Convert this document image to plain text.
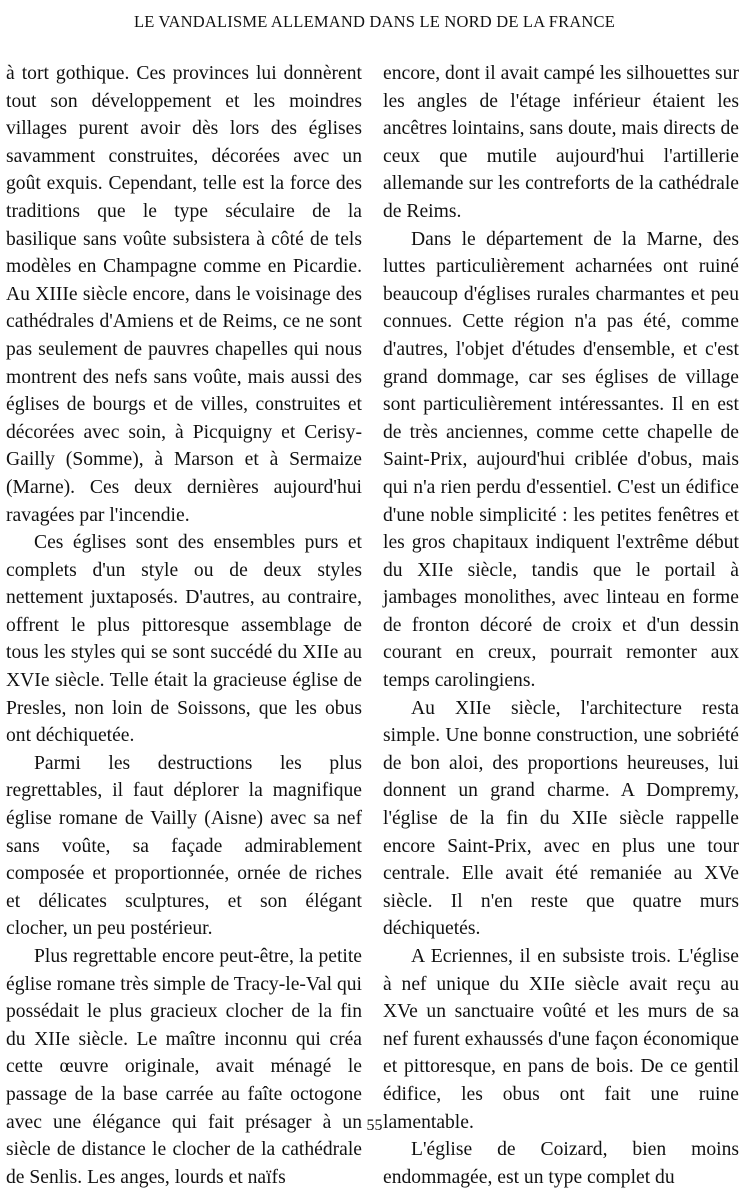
LE VANDALISME ALLEMAND DANS LE NORD DE LA FRANCE

à tort gothique. Ces provinces lui donnèrent tout son développement et les moindres villages purent avoir dès lors des églises savamment construites, décorées avec un goût exquis. Cependant, telle est la force des traditions que le type séculaire de la basilique sans voûte subsistera à côté de tels modèles en Champagne comme en Picardie. Au XIIIe siècle encore, dans le voisinage des cathédrales d'Amiens et de Reims, ce ne sont pas seulement de pauvres chapelles qui nous montrent des nefs sans voûte, mais aussi des églises de bourgs et de villes, construites et décorées avec soin, à Picquigny et Cerisy-Gailly (Somme), à Marson et à Sermaize (Marne). Ces deux dernières aujourd'hui ravagées par l'incendie.

Ces églises sont des ensembles purs et complets d'un style ou de deux styles nettement juxtaposés. D'autres, au contraire, offrent le plus pittoresque assemblage de tous les styles qui se sont succédé du XIIe au XVIe siècle. Telle était la gracieuse église de Presles, non loin de Soissons, que les obus ont déchiquetée.

Parmi les destructions les plus regrettables, il faut déplorer la magnifique église romane de Vailly (Aisne) avec sa nef sans voûte, sa façade admirablement composée et proportionnée, ornée de riches et délicates sculptures, et son élégant clocher, un peu postérieur.

Plus regrettable encore peut-être, la petite église romane très simple de Tracy-le-Val qui possédait le plus gracieux clocher de la fin du XIIe siècle. Le maître inconnu qui créa cette œuvre originale, avait ménagé le passage de la base carrée au faîte octogone avec une élégance qui fait présager à un siècle de distance le clocher de la cathédrale de Senlis. Les anges, lourds et naïfs

encore, dont il avait campé les silhouettes sur les angles de l'étage inférieur étaient les ancêtres lointains, sans doute, mais directs de ceux que mutile aujourd'hui l'artillerie allemande sur les contreforts de la cathédrale de Reims.

Dans le département de la Marne, des luttes particulièrement acharnées ont ruiné beaucoup d'églises rurales charmantes et peu connues. Cette région n'a pas été, comme d'autres, l'objet d'études d'ensemble, et c'est grand dommage, car ses églises de village sont particulièrement intéressantes. Il en est de très anciennes, comme cette chapelle de Saint-Prix, aujourd'hui criblée d'obus, mais qui n'a rien perdu d'essentiel. C'est un édifice d'une noble simplicité : les petites fenêtres et les gros chapitaux indiquent l'extrême début du XIIe siècle, tandis que le portail à jambages monolithes, avec linteau en forme de fronton décoré de croix et d'un dessin courant en creux, pourrait remonter aux temps carolingiens.

Au XIIe siècle, l'architecture resta simple. Une bonne construction, une sobriété de bon aloi, des proportions heureuses, lui donnent un grand charme. A Dompremy, l'église de la fin du XIIe siècle rappelle encore Saint-Prix, avec en plus une tour centrale. Elle avait été remaniée au XVe siècle. Il n'en reste que quatre murs déchiquetés.

A Ecriennes, il en subsiste trois. L'église à nef unique du XIIe siècle avait reçu au XVe un sanctuaire voûté et les murs de sa nef furent exhaussés d'une façon économique et pittoresque, en pans de bois. De ce gentil édifice, les obus ont fait une ruine lamentable.

L'église de Coizard, bien moins endommagée, est un type complet du

55
